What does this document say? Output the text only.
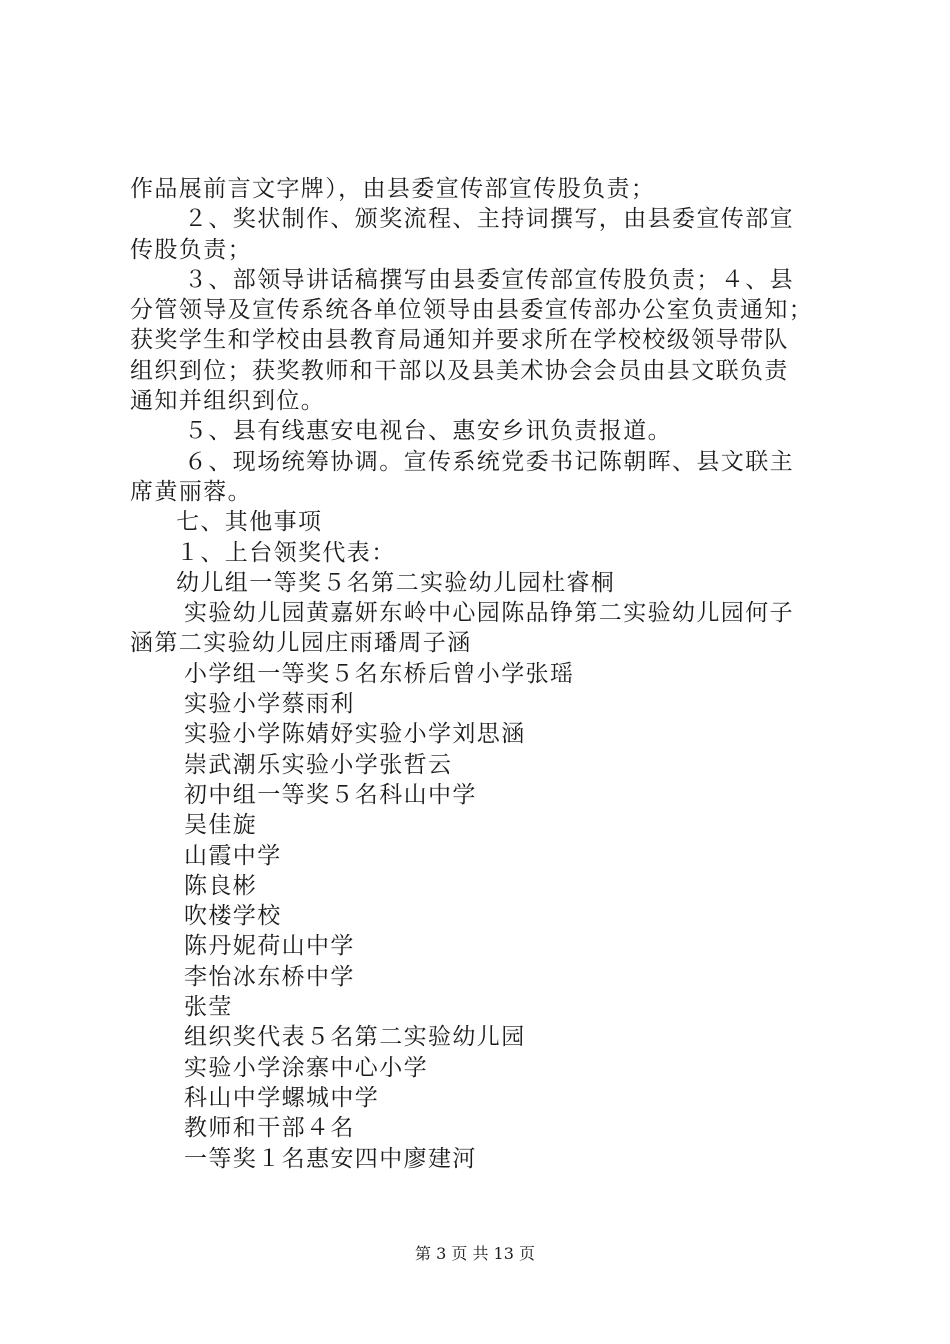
作品展前言文字牌），由县委宣传部宣传股负责；
２、奖状制作、颁奖流程、主持词撰写，由县委宣传部宣
传股负责；
３、部领导讲话稿撰写由县委宣传部宣传股负责；４、县
分管领导及宣传系统各单位领导由县委宣传部办公室负责通知；
获奖学生和学校由县教育局通知并要求所在学校校级领导带队
组织到位；获奖教师和干部以及县美术协会会员由县文联负责
通知并组织到位。
５、县有线惠安电视台、惠安乡讯负责报道。
６、现场统筹协调。宣传系统党委书记陈朝晖、县文联主
席黄丽蓉。
七、其他事项
１、上台领奖代表：
幼儿组一等奖５名第二实验幼儿园杜睿桐
实验幼儿园黄嘉妍东岭中心园陈品铮第二实验幼儿园何子
涵第二实验幼儿园庄雨璠周子涵
小学组一等奖５名东桥后曾小学张瑶
实验小学蔡雨利
实验小学陈婧妤实验小学刘思涵
崇武潮乐实验小学张哲云
初中组一等奖５名科山中学
吴佳旋
山霞中学
陈良彬
吹楼学校
陈丹妮荷山中学
李怡冰东桥中学
张莹
组织奖代表５名第二实验幼儿园
实验小学涂寨中心小学
科山中学螺城中学
教师和干部４名
一等奖１名惠安四中廖建河
第 3 页 共 13 页
